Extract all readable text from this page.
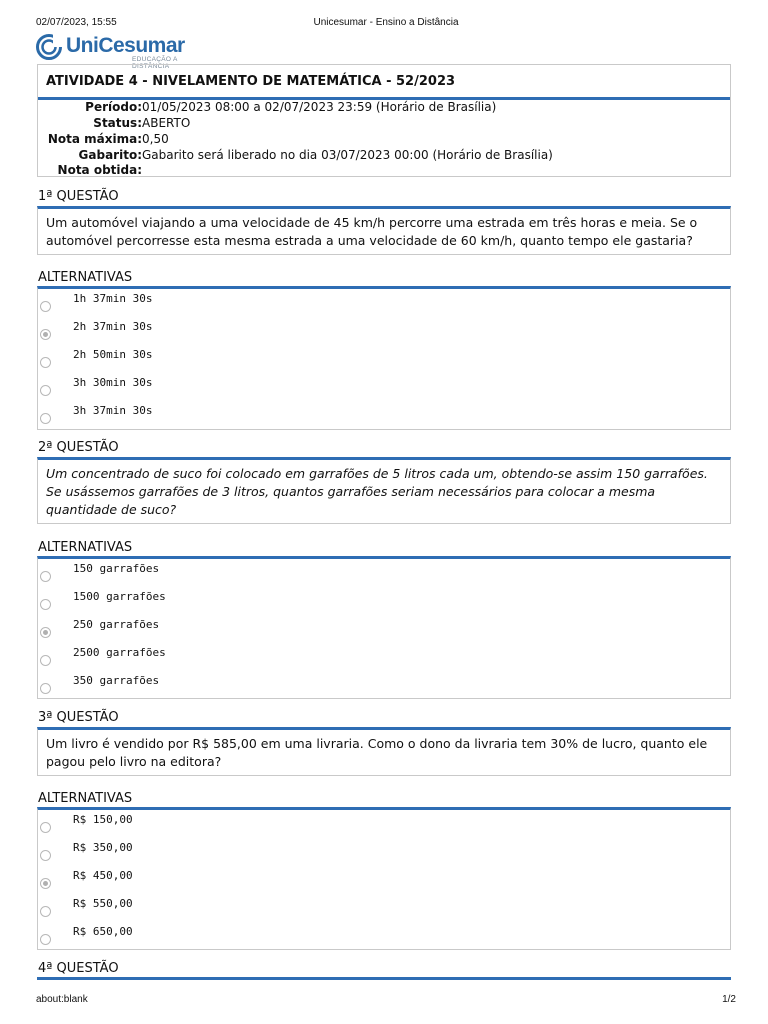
02/07/2023, 15:55	Unicesumar - Ensino a Distância
UniCesumar
EDUCAÇÃO A DISTÂNCIA
ATIVIDADE 4 - NIVELAMENTO DE MATEMÁTICA - 52/2023
Período:01/05/2023 08:00 a 02/07/2023 23:59 (Horário de Brasília)
Status:ABERTO
Nota máxima:0,50
Gabarito:Gabarito será liberado no dia 03/07/2023 00:00 (Horário de Brasília)
Nota obtida:
1ª QUESTÃO
Um automóvel viajando a uma velocidade de 45 km/h percorre uma estrada em três horas e meia. Se o automóvel percorresse esta mesma estrada a uma velocidade de 60 km/h, quanto tempo ele gastaria?
ALTERNATIVAS
1h 37min 30s
2h 37min 30s
2h 50min 30s
3h 30min 30s
3h 37min 30s
2ª QUESTÃO
Um concentrado de suco foi colocado em garrafões de 5 litros cada um, obtendo-se assim 150 garrafões. Se usássemos garrafões de 3 litros, quantos garrafões seriam necessários para colocar a mesma quantidade de suco?
ALTERNATIVAS
150 garrafões
1500 garrafões
250 garrafões
2500 garrafões
350 garrafões
3ª QUESTÃO
Um livro é vendido por R$ 585,00 em uma livraria. Como o dono da livraria tem 30% de lucro, quanto ele pagou pelo livro na editora?
ALTERNATIVAS
R$ 150,00
R$ 350,00
R$ 450,00
R$ 550,00
R$ 650,00
4ª QUESTÃO
about:blank	1/2
